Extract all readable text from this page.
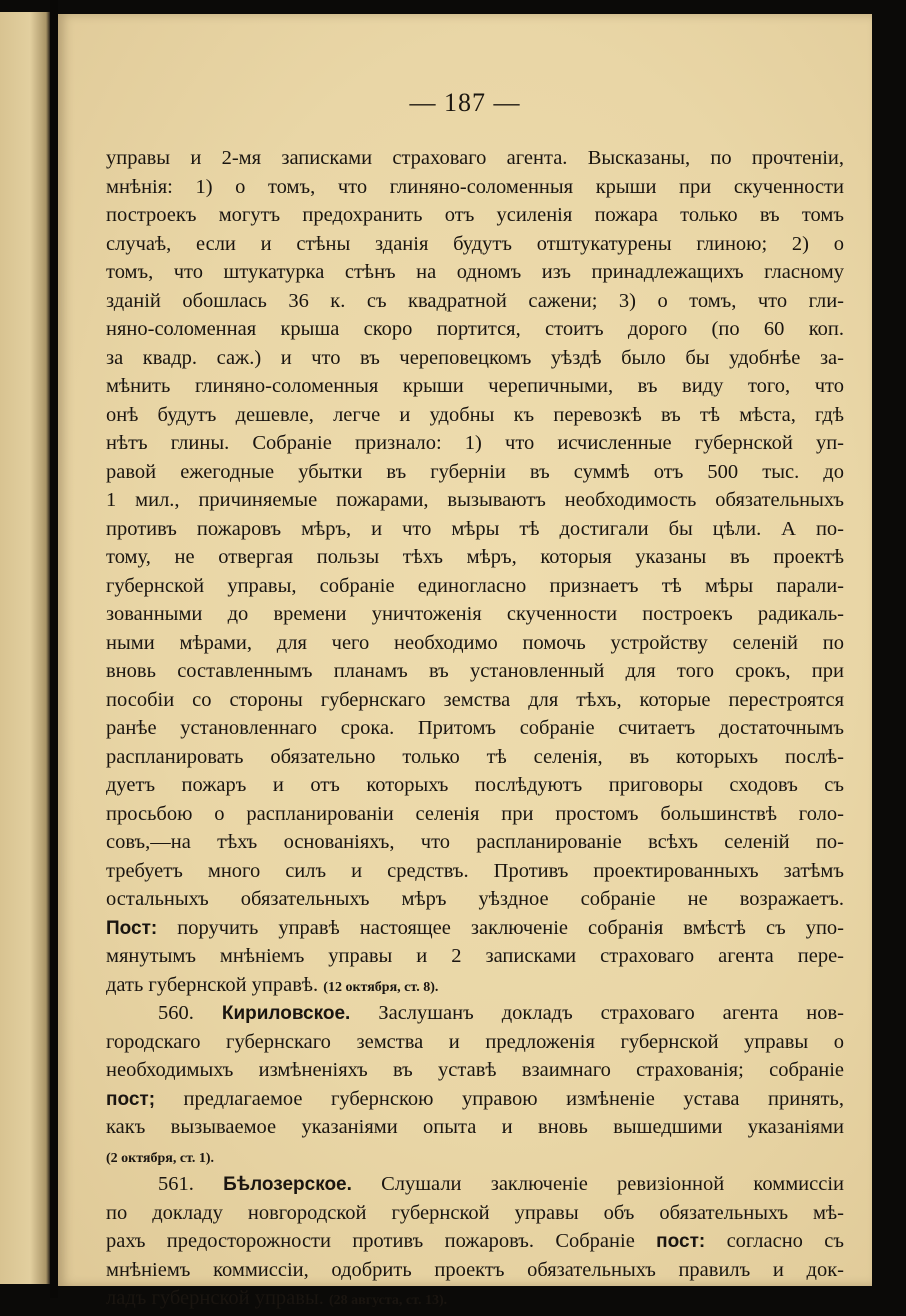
— 187 —
управы и 2-мя записками страховаго агента. Высказаны, по прочтеніи,
мнѣнія: 1) о томъ, что глиняно-соломенныя крыши при скученности
построекъ могутъ предохранить отъ усиленія пожара только въ томъ
случаѣ, если и стѣны зданія будутъ отштукатурены глиною; 2) о
томъ, что штукатурка стѣнъ на одномъ изъ принадлежащихъ гласному
зданій обошлась 36 к. съ квадратной сажени; 3) о томъ, что гли-
няно-соломенная крыша скоро портится, стоитъ дорого (по 60 коп.
за квадр. саж.) и что въ череповецкомъ уѣздѣ было бы удобнѣе за-
мѣнить глиняно-соломенныя крыши черепичными, въ виду того, что
онѣ будутъ дешевле, легче и удобны къ перевозкѣ въ тѣ мѣста, гдѣ
нѣтъ глины. Собраніе признало: 1) что исчисленные губернской уп-
равой ежегодные убытки въ губерніи въ суммѣ отъ 500 тыс. до
1 мил., причиняемые пожарами, вызываютъ необходимость обязательныхъ
противъ пожаровъ мѣръ, и что мѣры тѣ достигали бы цѣли. А по-
тому, не отвергая пользы тѣхъ мѣръ, которыя указаны въ проектѣ
губернской управы, собраніе единогласно признаетъ тѣ мѣры парали-
зованными до времени уничтоженія скученности построекъ радикаль-
ными мѣрами, для чего необходимо помочь устройству селеній по
вновь составленнымъ планамъ въ установленный для того срокъ, при
пособіи со стороны губернскаго земства для тѣхъ, которые перестроятся
ранѣе установленнаго срока. Притомъ собраніе считаетъ достаточнымъ
распланировать обязательно только тѣ селенія, въ которыхъ послѣ-
дуетъ пожаръ и отъ которыхъ послѣдуютъ приговоры сходовъ съ
просьбою о распланированіи селенія при простомъ большинствѣ голо-
совъ,—на тѣхъ основаніяхъ, что распланированіе всѣхъ селеній по-
требуетъ много силъ и средствъ. Противъ проектированныхъ затѣмъ
остальныхъ обязательныхъ мѣръ уѣздное собраніе не возражаетъ.
Пост: поручить управѣ настоящее заключеніе собранія вмѣстѣ съ упо-
мянутымъ мнѣніемъ управы и 2 записками страховаго агента пере-
дать губернской управѣ. (12 октября, ст. 8).
560. Кириловское. Заслушанъ докладъ страховаго агента нов-
городскаго губернскаго земства и предложенія губернской управы о
необходимыхъ измѣненіяхъ въ уставѣ взаимнаго страхованія; собраніе
пост; предлагаемое губернскою управою измѣненіе устава принять,
какъ вызываемое указаніями опыта и вновь вышедшими указаніями
(2 октября, ст. 1).
561. Бѣлозерское. Слушали заключеніе ревизіонной коммиссіи
по докладу новгородской губернской управы объ обязательныхъ мѣ-
рахъ предосторожности противъ пожаровъ. Собраніе пост: согласно съ
мнѣніемъ коммиссіи, одобрить проектъ обязательныхъ правилъ и док-
ладъ губернской управы. (28 августа, ст. 13).
